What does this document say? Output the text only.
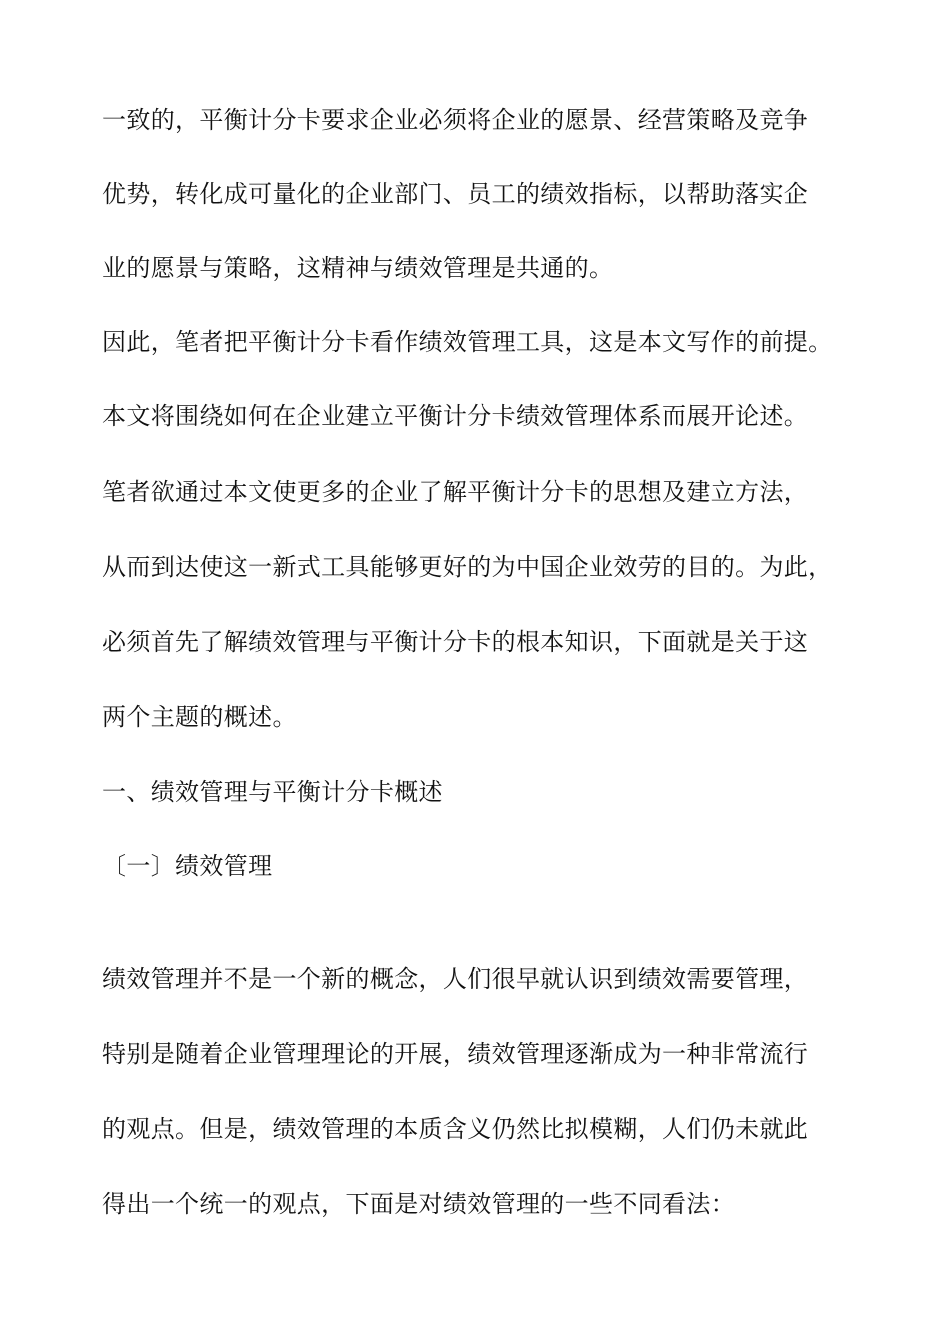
一致的，平衡计分卡要求企业必须将企业的愿景、经营策略及竞争
优势，转化成可量化的企业部门、员工的绩效指标，以帮助落实企
业的愿景与策略，这精神与绩效管理是共通的。
因此，笔者把平衡计分卡看作绩效管理工具，这是本文写作的前提。
本文将围绕如何在企业建立平衡计分卡绩效管理体系而展开论述。
笔者欲通过本文使更多的企业了解平衡计分卡的思想及建立方法，
从而到达使这一新式工具能够更好的为中国企业效劳的目的。为此，
必须首先了解绩效管理与平衡计分卡的根本知识，下面就是关于这
两个主题的概述。
一、绩效管理与平衡计分卡概述
〔一〕绩效管理
绩效管理并不是一个新的概念，人们很早就认识到绩效需要管理，
特别是随着企业管理理论的开展，绩效管理逐渐成为一种非常流行
的观点。但是，绩效管理的本质含义仍然比拟模糊，人们仍未就此
得出一个统一的观点，下面是对绩效管理的一些不同看法：
